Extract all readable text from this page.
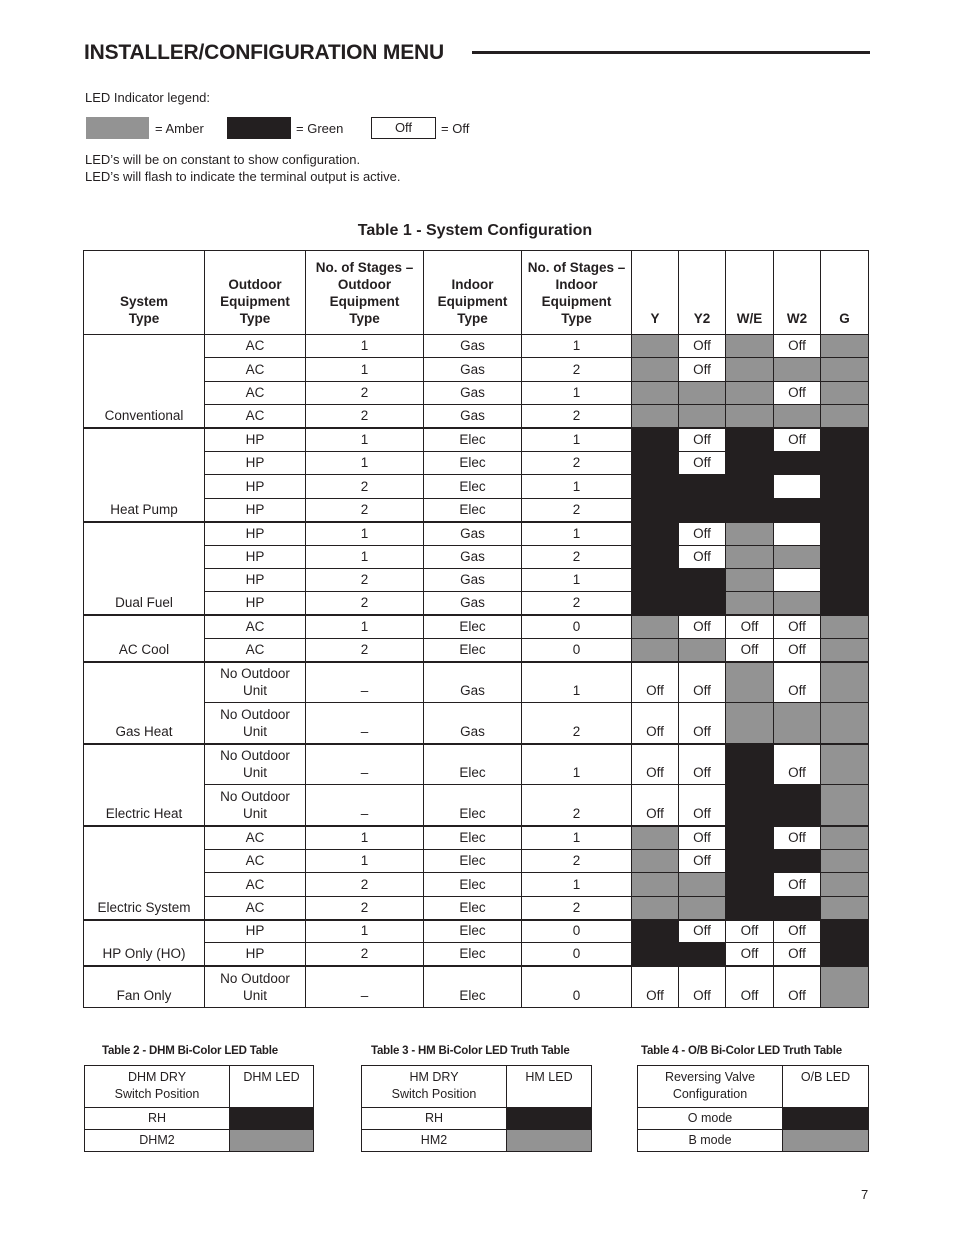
INSTALLER/CONFIGURATION MENU
LED Indicator legend:
= Amber	= Green	Off	= Off
LED’s will be on constant to show configuration.
LED’s will flash to indicate the terminal output is active.
Table 1 - System Configuration
System
Type	Outdoor
Equipment
Type	No. of Stages –
Outdoor
Equipment
Type	Indoor
Equipment
Type	No. of Stages –
Indoor
Equipment
Type	Y	Y2	W/E	W2	G
Conventional	AC	1	Gas	1		Off		Off	
	AC	1	Gas	2		Off			
	AC	2	Gas	1				Off	
	AC	2	Gas	2					
Heat Pump	HP	1	Elec	1		Off		Off	
	HP	1	Elec	2		Off			
	HP	2	Elec	1					
	HP	2	Elec	2					
Dual Fuel	HP	1	Gas	1		Off			
	HP	1	Gas	2		Off			
	HP	2	Gas	1					
	HP	2	Gas	2					
AC Cool	AC	1	Elec	0		Off	Off	Off	
	AC	2	Elec	0			Off	Off	
Gas Heat	No Outdoor
Unit	–	Gas	1	Off	Off		Off	
	No Outdoor
Unit	–	Gas	2	Off	Off			
Electric Heat	No Outdoor
Unit	–	Elec	1	Off	Off		Off	
	No Outdoor
Unit	–	Elec	2	Off	Off			
Electric System	AC	1	Elec	1		Off		Off	
	AC	1	Elec	2		Off			
	AC	2	Elec	1				Off	
	AC	2	Elec	2					
HP Only (HO)	HP	1	Elec	0		Off	Off	Off	
	HP	2	Elec	0			Off	Off	
Fan Only	No Outdoor
Unit	–	Elec	0	Off	Off	Off	Off	
Table 2 - DHM Bi-Color LED Table
DHM DRY
Switch Position	DHM LED
RH	
DHM2	
Table 3 - HM Bi-Color LED Truth Table
HM DRY
Switch Position	HM LED
RH	
HM2	
Table 4 - O/B Bi-Color LED Truth Table
Reversing Valve
Configuration	O/B LED
O mode	
B mode	
7
